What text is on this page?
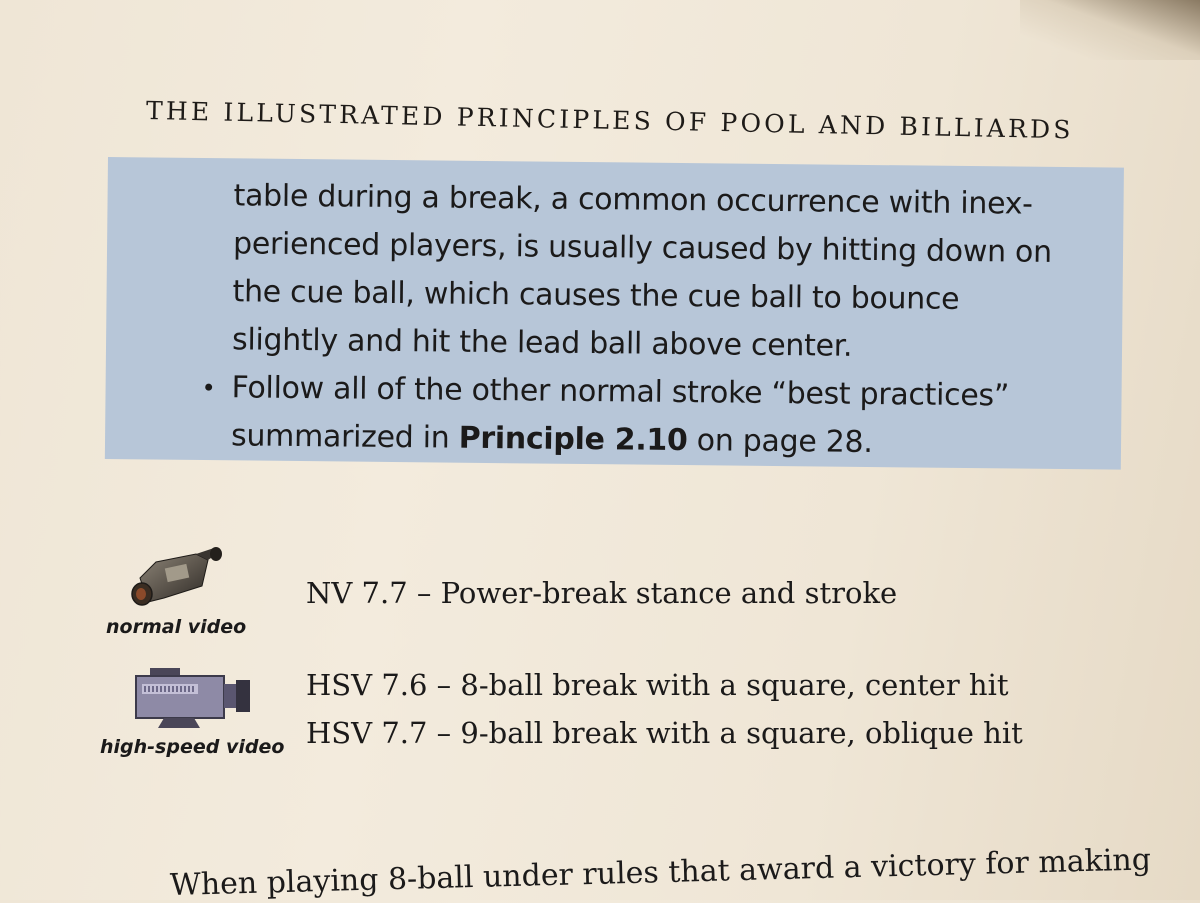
THE ILLUSTRATED PRINCIPLES OF POOL AND BILLIARDS
table during a break, a common occurrence with inex-
perienced players, is usually caused by hitting down on
the cue ball, which causes the cue ball to bounce
slightly and hit the lead ball above center.
• Follow all of the other normal stroke “best practices”
summarized in Principle 2.10 on page 28.
normal video
NV 7.7 – Power-break stance and stroke
high-speed video
HSV 7.6 – 8-ball break with a square, center hit
HSV 7.7 – 9-ball break with a square, oblique hit
When playing 8-ball under rules that award a victory for making
